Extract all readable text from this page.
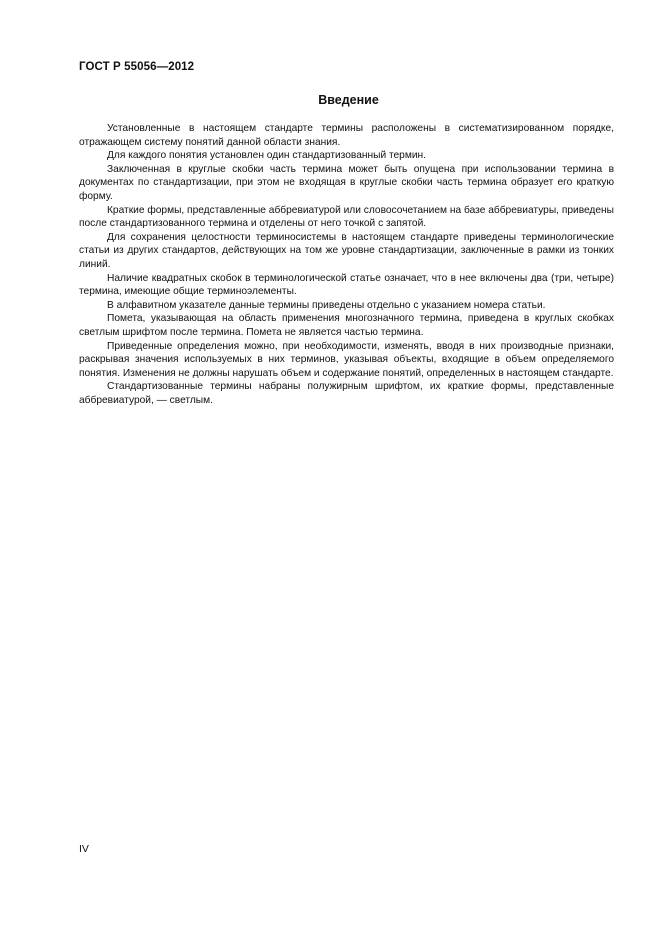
ГОСТ Р 55056—2012
Введение

Установленные в настоящем стандарте термины расположены в систематизированном порядке, отражающем систему понятий данной области знания.

Для каждого понятия установлен один стандартизованный термин.

Заключенная в круглые скобки часть термина может быть опущена при использовании термина в документах по стандартизации, при этом не входящая в круглые скобки часть термина образует его краткую форму.

Краткие формы, представленные аббревиатурой или словосочетанием на базе аббревиатуры, приведены после стандартизованного термина и отделены от него точкой с запятой.

Для сохранения целостности терминосистемы в настоящем стандарте приведены терминологические статьи из других стандартов, действующих на том же уровне стандартизации, заключенные в рамки из тонких линий.

Наличие квадратных скобок в терминологической статье означает, что в нее включены два (три, четыре) термина, имеющие общие терминоэлементы.

В алфавитном указателе данные термины приведены отдельно с указанием номера статьи.

Помета, указывающая на область применения многозначного термина, приведена в круглых скобках светлым шрифтом после термина. Помета не является частью термина.

Приведенные определения можно, при необходимости, изменять, вводя в них производные признаки, раскрывая значения используемых в них терминов, указывая объекты, входящие в объем определяемого понятия. Изменения не должны нарушать объем и содержание понятий, определенных в настоящем стандарте.

Стандартизованные термины набраны полужирным шрифтом, их краткие формы, представленные аббревиатурой, — светлым.

IV
